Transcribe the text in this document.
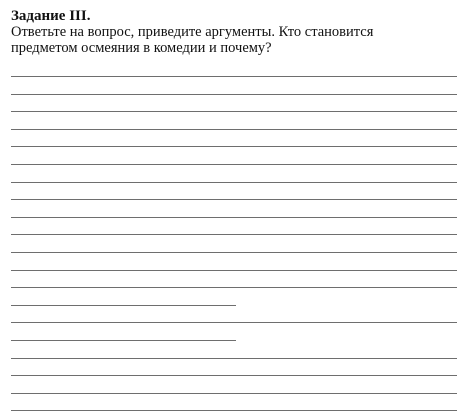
Задание III.

Ответьте на вопрос, приведите аргументы. Кто становится

предметом осмеяния в комедии и почему?
